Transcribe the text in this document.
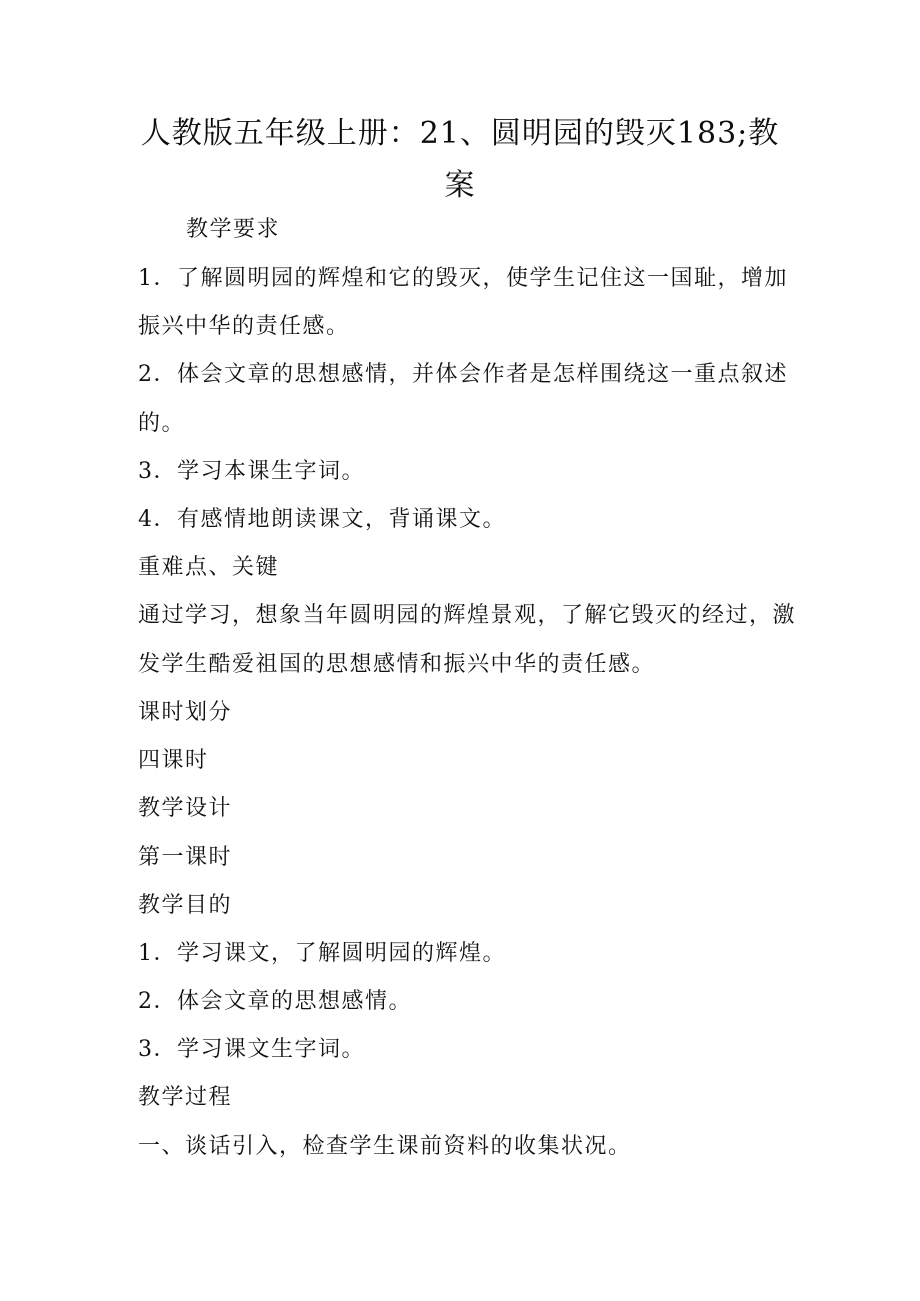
人教版五年级上册：21、圆明园的毁灭183;教
案
教学要求
1．了解圆明园的辉煌和它的毁灭，使学生记住这一国耻，增加
振兴中华的责任感。
2．体会文章的思想感情，并体会作者是怎样围绕这一重点叙述
的。
3．学习本课生字词。
4．有感情地朗读课文，背诵课文。
重难点、关键
通过学习，想象当年圆明园的辉煌景观，了解它毁灭的经过，激
发学生酷爱祖国的思想感情和振兴中华的责任感。
课时划分
四课时
教学设计
第一课时
教学目的
1．学习课文，了解圆明园的辉煌。
2．体会文章的思想感情。
3．学习课文生字词。
教学过程
一、谈话引入，检查学生课前资料的收集状况。
